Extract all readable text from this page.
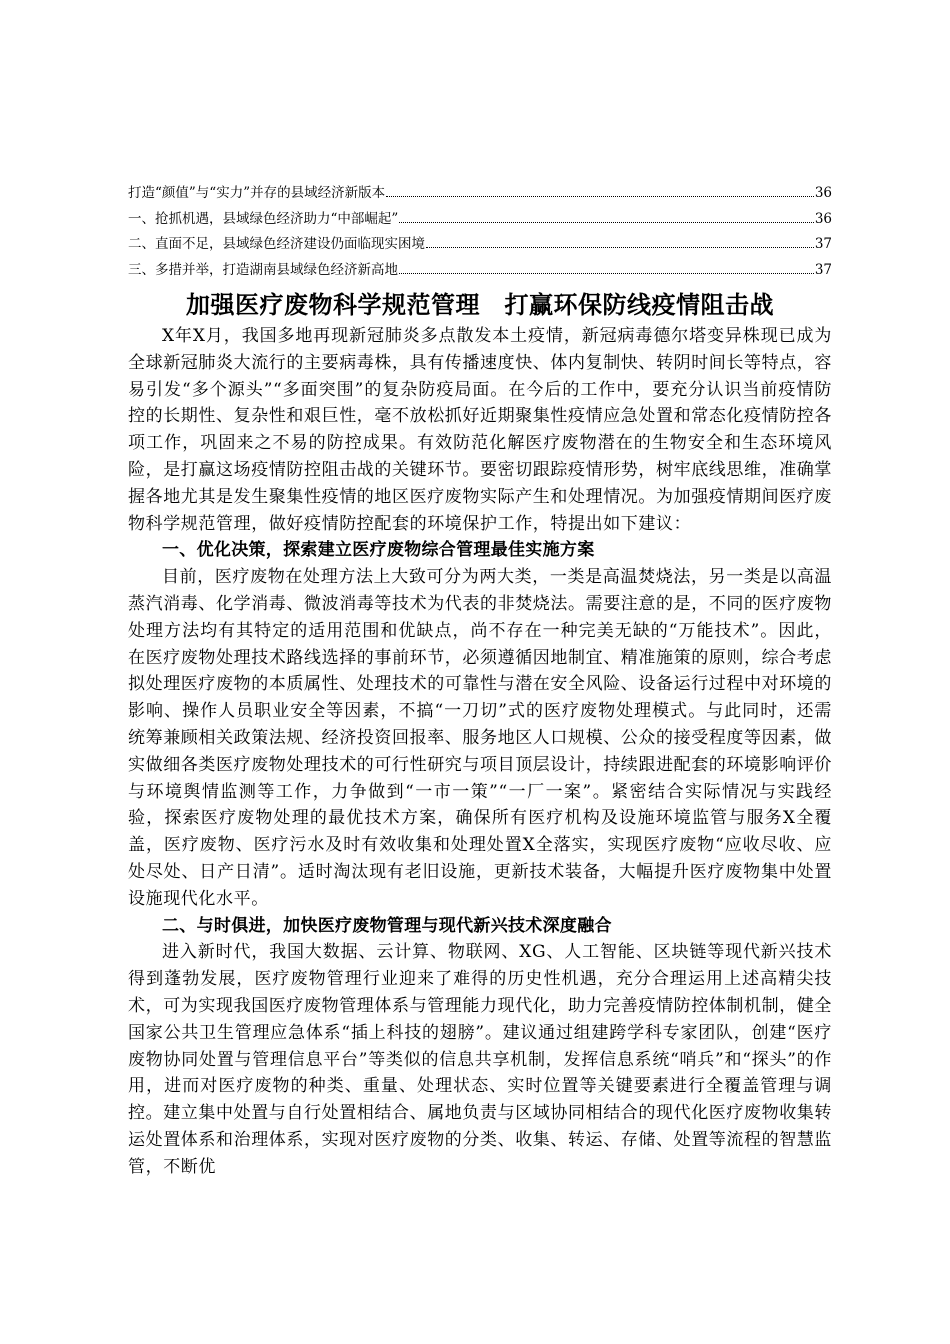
打造“颜值”与“实力”并存的县域经济新版本	36
一、抢抓机遇，县域绿色经济助力“中部崛起”	36
二、直面不足，县域绿色经济建设仍面临现实困境	37
三、多措并举，打造湖南县域绿色经济新高地	37
加强医疗废物科学规范管理　打赢环保防线疫情阻击战

X年X月，我国多地再现新冠肺炎多点散发本土疫情，新冠病毒德尔塔变异株现已成为全球新冠肺炎大流行的主要病毒株，具有传播速度快、体内复制快、转阴时间长等特点，容易引发“多个源头”“多面突围”的复杂防疫局面。在今后的工作中，要充分认识当前疫情防控的长期性、复杂性和艰巨性，毫不放松抓好近期聚集性疫情应急处置和常态化疫情防控各项工作，巩固来之不易的防控成果。有效防范化解医疗废物潜在的生物安全和生态环境风险，是打赢这场疫情防控阻击战的关键环节。要密切跟踪疫情形势，树牢底线思维，准确掌握各地尤其是发生聚集性疫情的地区医疗废物实际产生和处理情况。为加强疫情期间医疗废物科学规范管理，做好疫情防控配套的环境保护工作，特提出如下建议：

一、优化决策，探索建立医疗废物综合管理最佳实施方案

目前，医疗废物在处理方法上大致可分为两大类，一类是高温焚烧法，另一类是以高温蒸汽消毒、化学消毒、微波消毒等技术为代表的非焚烧法。需要注意的是，不同的医疗废物处理方法均有其特定的适用范围和优缺点，尚不存在一种完美无缺的“万能技术”。因此，在医疗废物处理技术路线选择的事前环节，必须遵循因地制宜、精准施策的原则，综合考虑拟处理医疗废物的本质属性、处理技术的可靠性与潜在安全风险、设备运行过程中对环境的影响、操作人员职业安全等因素，不搞“一刀切”式的医疗废物处理模式。与此同时，还需统筹兼顾相关政策法规、经济投资回报率、服务地区人口规模、公众的接受程度等因素，做实做细各类医疗废物处理技术的可行性研究与项目顶层设计，持续跟进配套的环境影响评价与环境舆情监测等工作，力争做到“一市一策”“一厂一案”。紧密结合实际情况与实践经验，探索医疗废物处理的最优技术方案，确保所有医疗机构及设施环境监管与服务X全覆盖，医疗废物、医疗污水及时有效收集和处理处置X全落实，实现医疗废物“应收尽收、应处尽处、日产日清”。适时淘汰现有老旧设施，更新技术装备，大幅提升医疗废物集中处置设施现代化水平。

二、与时俱进，加快医疗废物管理与现代新兴技术深度融合

进入新时代，我国大数据、云计算、物联网、XG、人工智能、区块链等现代新兴技术得到蓬勃发展，医疗废物管理行业迎来了难得的历史性机遇，充分合理运用上述高精尖技术，可为实现我国医疗废物管理体系与管理能力现代化，助力完善疫情防控体制机制，健全国家公共卫生管理应急体系“插上科技的翅膀”。建议通过组建跨学科专家团队，创建“医疗废物协同处置与管理信息平台”等类似的信息共享机制，发挥信息系统“哨兵”和“探头”的作用，进而对医疗废物的种类、重量、处理状态、实时位置等关键要素进行全覆盖管理与调控。建立集中处置与自行处置相结合、属地负责与区域协同相结合的现代化医疗废物收集转运处置体系和治理体系，实现对医疗废物的分类、收集、转运、存储、处置等流程的智慧监管，不断优
